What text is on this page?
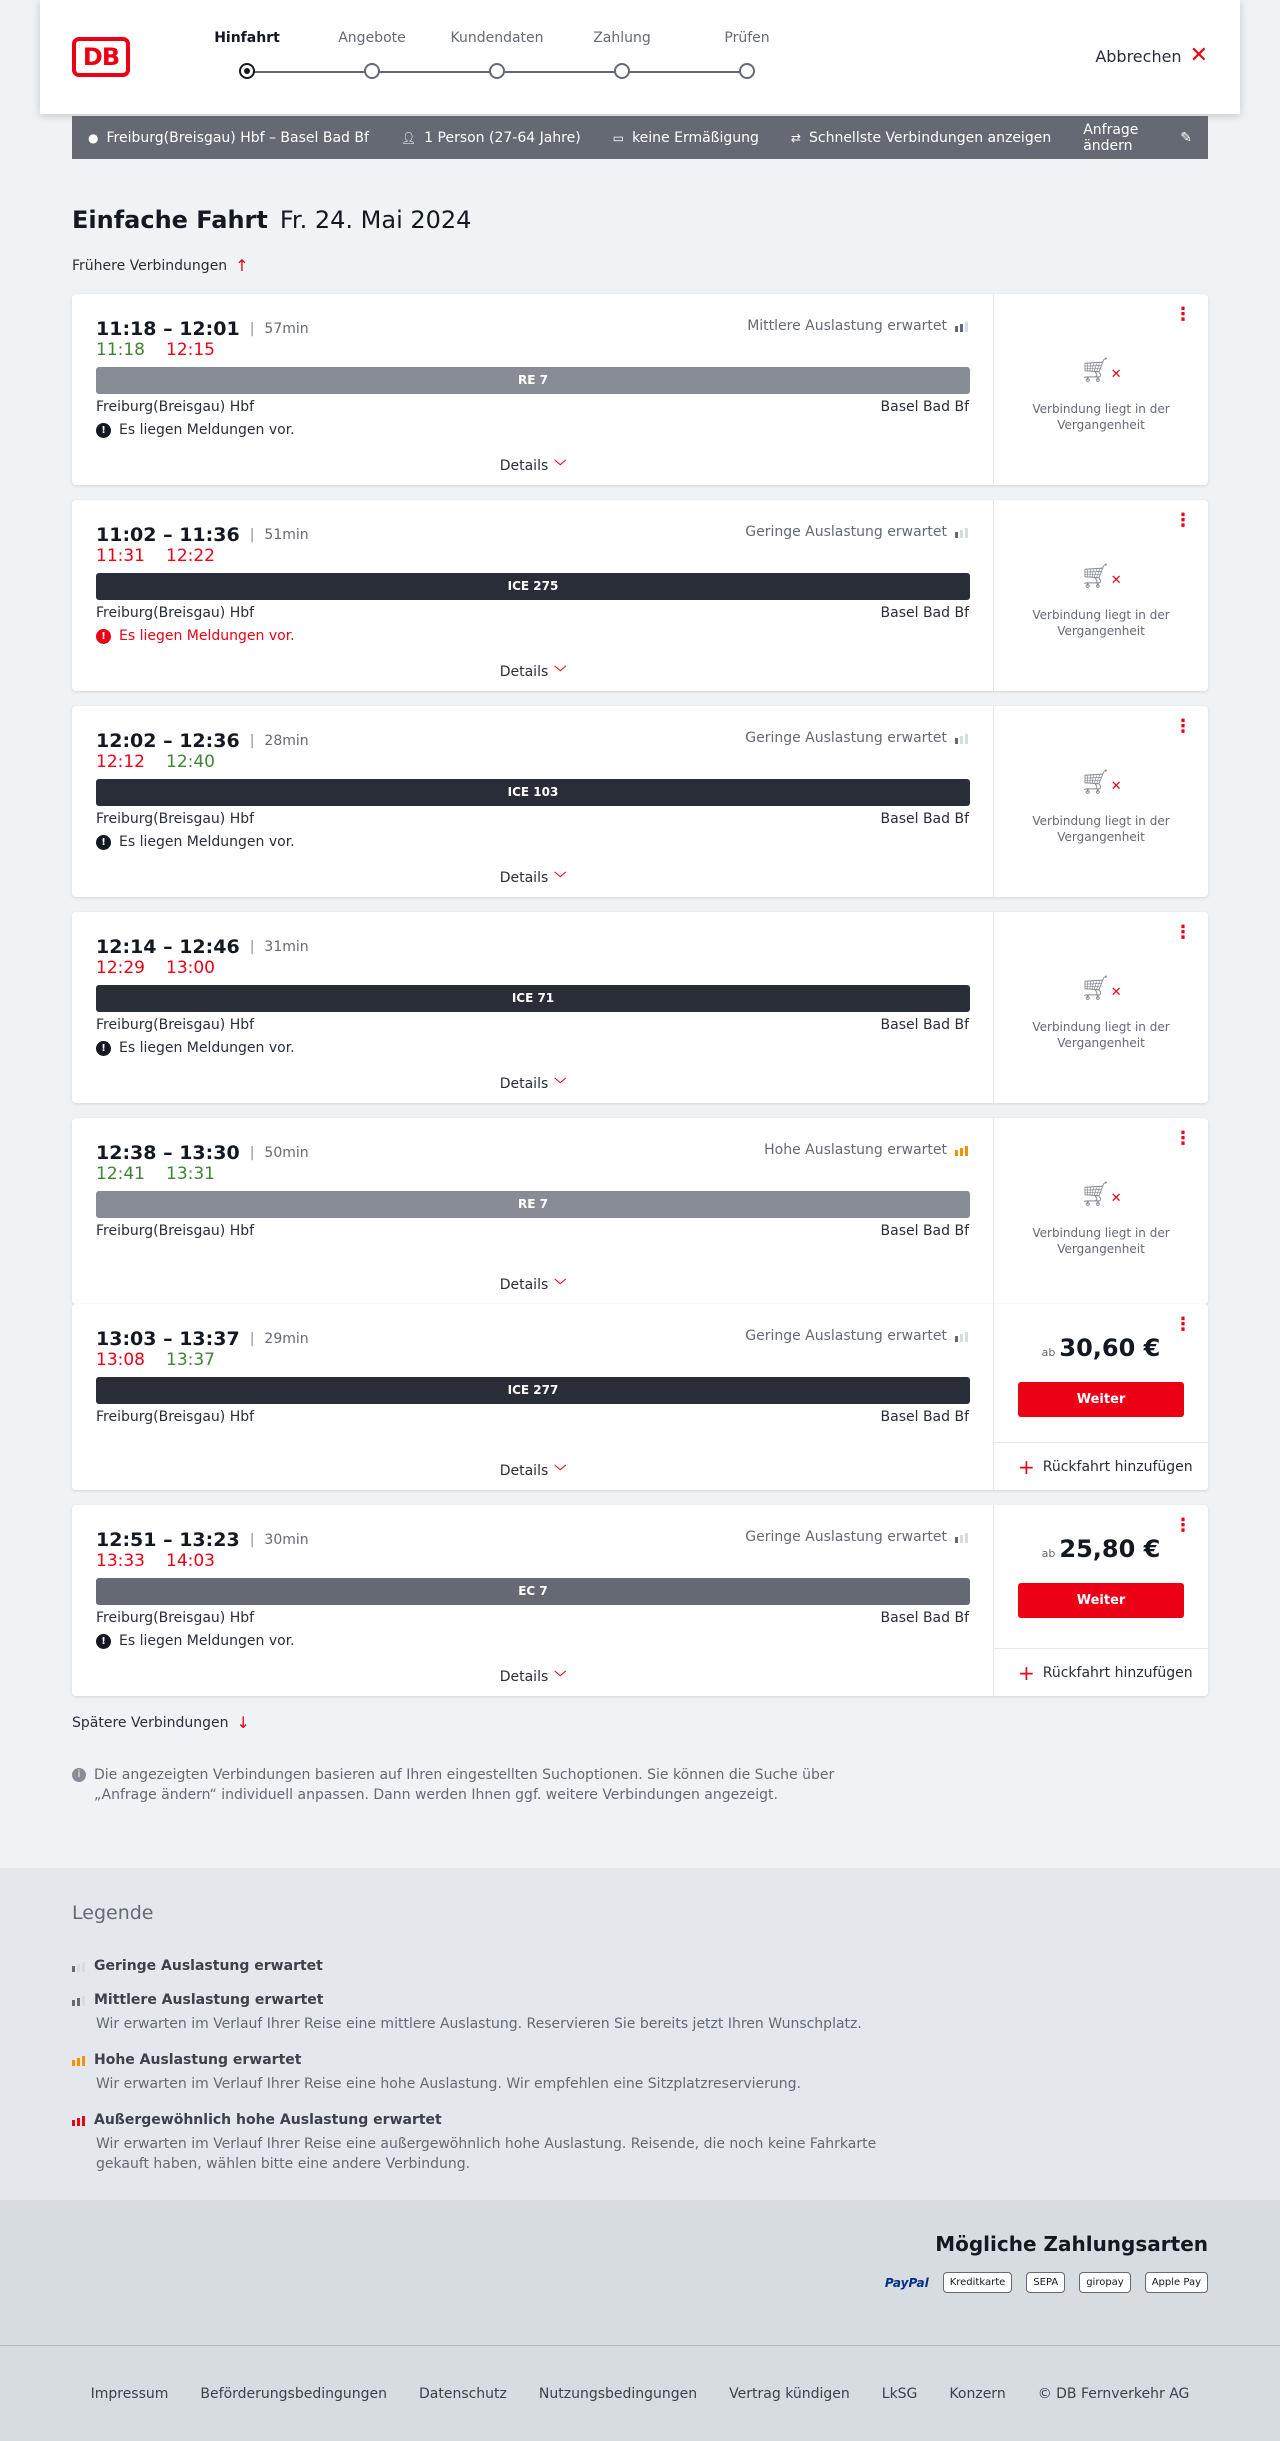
DB
Hinfahrt	Angebote	Kundendaten	Zahlung	Prüfen
Abbrechen ✕
● Freiburg(Breisgau) Hbf – Basel Bad Bf	👤︎ 1 Person (27-64 Jahre)	▭ keine Ermäßigung	⇄ Schnellste Verbindungen anzeigen Anfrage ändern	✎
Einfache Fahrt Fr. 24. Mai 2024
Frühere Verbindungen ↑
11:18 – 12:01 | 57min
11:18 12:15
Mittlere Auslastung erwartet
RE 7
Freiburg(Breisgau) Hbf	Basel Bad Bf
! Es liegen Meldungen vor.
Details ﹀
⋮
🛒︎✕
Verbindung liegt in der Vergangenheit
11:02 – 11:36 | 51min
11:31 12:22
Geringe Auslastung erwartet
ICE 275
Freiburg(Breisgau) Hbf	Basel Bad Bf
! Es liegen Meldungen vor.
Details ﹀
⋮
🛒︎✕
Verbindung liegt in der Vergangenheit
12:02 – 12:36 | 28min
12:12 12:40
Geringe Auslastung erwartet
ICE 103
Freiburg(Breisgau) Hbf	Basel Bad Bf
! Es liegen Meldungen vor.
Details ﹀
⋮
🛒︎✕
Verbindung liegt in der Vergangenheit
12:14 – 12:46 | 31min
12:29 13:00
ICE 71
Freiburg(Breisgau) Hbf	Basel Bad Bf
! Es liegen Meldungen vor.
Details ﹀
⋮
🛒︎✕
Verbindung liegt in der Vergangenheit
12:38 – 13:30 | 50min
12:41 13:31
Hohe Auslastung erwartet
RE 7
Freiburg(Breisgau) Hbf	Basel Bad Bf
Details ﹀
⋮
🛒︎✕
Verbindung liegt in der Vergangenheit
13:03 – 13:37 | 29min
13:08 13:37
Geringe Auslastung erwartet
ICE 277
Freiburg(Breisgau) Hbf	Basel Bad Bf
Details ﹀
⋮
ab 30,60 €
Weiter
+ Rückfahrt hinzufügen
12:51 – 13:23 | 30min
13:33 14:03
Geringe Auslastung erwartet
EC 7
Freiburg(Breisgau) Hbf	Basel Bad Bf
! Es liegen Meldungen vor.
Details ﹀
⋮
ab 25,80 €
Weiter
+ Rückfahrt hinzufügen
Spätere Verbindungen ↓
i Die angezeigten Verbindungen basieren auf Ihren eingestellten Suchoptionen. Sie können die Suche über „Anfrage ändern“ individuell anpassen. Dann werden Ihnen ggf. weitere Verbindungen angezeigt.
Legende
Geringe Auslastung erwartet
Mittlere Auslastung erwartet
Wir erwarten im Verlauf Ihrer Reise eine mittlere Auslastung. Reservieren Sie bereits jetzt Ihren Wunschplatz.
Hohe Auslastung erwartet
Wir erwarten im Verlauf Ihrer Reise eine hohe Auslastung. Wir empfehlen eine Sitzplatzreservierung.
Außergewöhnlich hohe Auslastung erwartet
Wir erwarten im Verlauf Ihrer Reise eine außergewöhnlich hohe Auslastung. Reisende, die noch keine Fahrkarte gekauft haben, wählen bitte eine andere Verbindung.
Mögliche Zahlungsarten
PayPal	Kreditkarte	SEPA	giropay	Apple Pay
Impressum Beförderungsbedingungen Datenschutz Nutzungsbedingungen Vertrag kündigen LkSG Konzern © DB Fernverkehr AG
